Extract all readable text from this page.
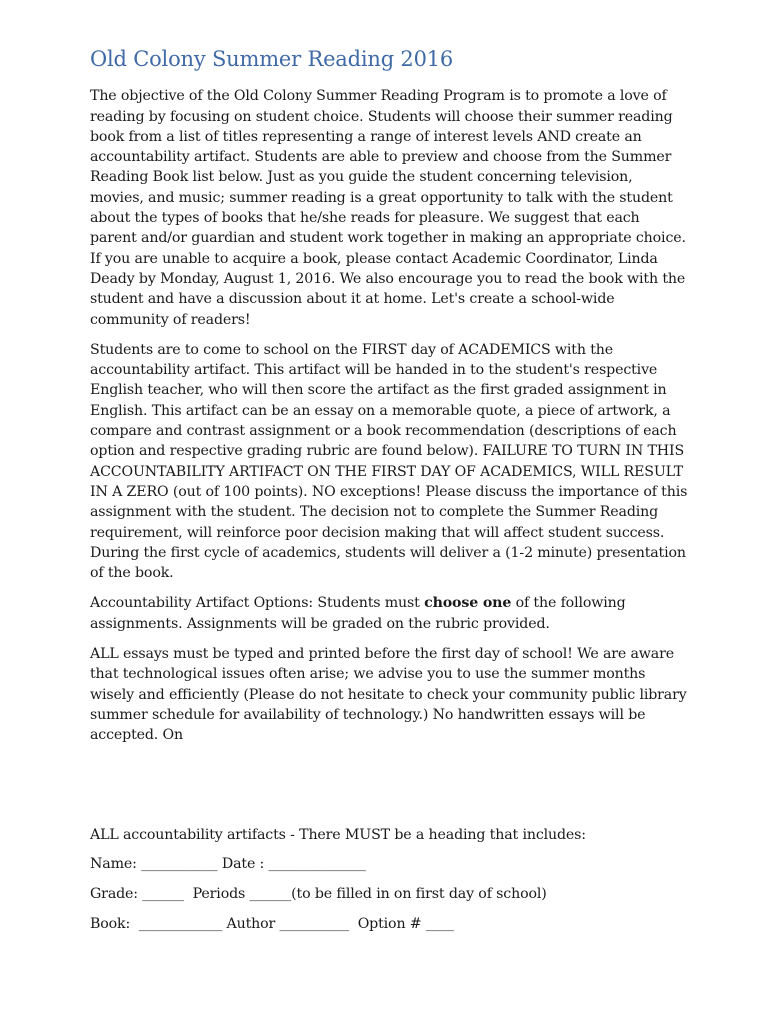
Old Colony Summer Reading 2016

The objective of the Old Colony Summer Reading Program is to promote a love of reading by focusing on student choice. Students will choose their summer reading book from a list of titles representing a range of interest levels AND create an accountability artifact. Students are able to preview and choose from the Summer Reading Book list below. Just as you guide the student concerning television, movies, and music; summer reading is a great opportunity to talk with the student about the types of books that he/she reads for pleasure. We suggest that each parent and/or guardian and student work together in making an appropriate choice. If you are unable to acquire a book, please contact Academic Coordinator, Linda Deady by Monday, August 1, 2016. We also encourage you to read the book with the student and have a discussion about it at home. Let's create a school-wide community of readers!

Students are to come to school on the FIRST day of ACADEMICS with the accountability artifact. This artifact will be handed in to the student's respective English teacher, who will then score the artifact as the first graded assignment in English. This artifact can be an essay on a memorable quote, a piece of artwork, a compare and contrast assignment or a book recommendation (descriptions of each option and respective grading rubric are found below). FAILURE TO TURN IN THIS ACCOUNTABILITY ARTIFACT ON THE FIRST DAY OF ACADEMICS, WILL RESULT IN A ZERO (out of 100 points). NO exceptions! Please discuss the importance of this assignment with the student. The decision not to complete the Summer Reading requirement, will reinforce poor decision making that will affect student success. During the first cycle of academics, students will deliver a (1-2 minute) presentation of the book.

Accountability Artifact Options: Students must choose one of the following assignments. Assignments will be graded on the rubric provided.

ALL essays must be typed and printed before the first day of school! We are aware that technological issues often arise; we advise you to use the summer months wisely and efficiently (Please do not hesitate to check your community public library summer schedule for availability of technology.) No handwritten essays will be accepted. On

ALL accountability artifacts - There MUST be a heading that includes:

Name: ___________ Date : ______________

Grade: ______  Periods ______(to be filled in on first day of school)

Book:  ____________ Author __________  Option # ____
